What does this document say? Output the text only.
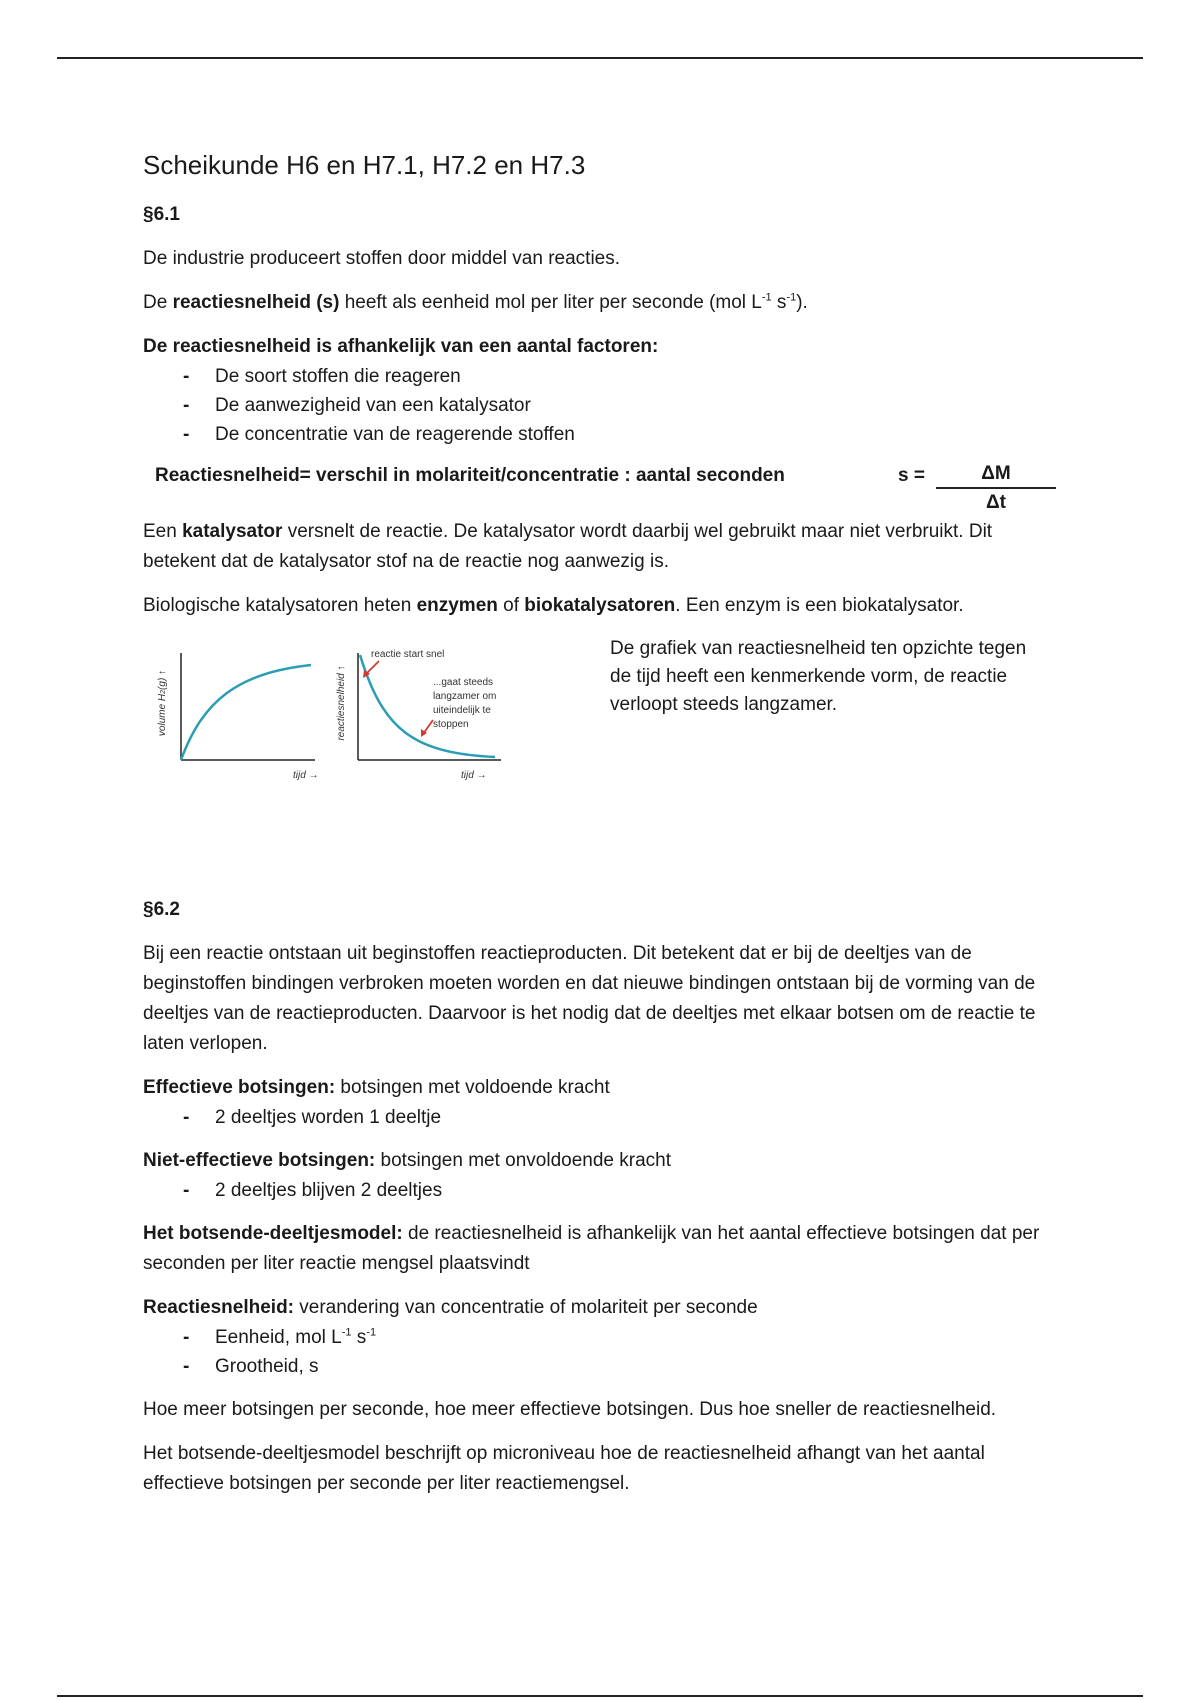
Scheikunde H6 en H7.1, H7.2 en H7.3
§6.1

De industrie produceert stoffen door middel van reacties.

De reactiesnelheid (s) heeft als eenheid mol per liter per seconde (mol $L^{-1}$ $s^{-1}$).

De reactiesnelheid is afhankelijk van een aantal factoren:

- De soort stoffen die reageren
- De aanwezigheid van een katalysator
- De concentratie van de reagerende stoffen
Reactiesnelheid= verschil in molariteit/concentratie : aantal seconden	$s = \frac{\Delta M}{\Delta t}$

Een katalysator versnelt de reactie. De katalysator wordt daarbij wel gebruikt maar niet verbruikt. Dit betekent dat de katalysator stof na de reactie nog aanwezig is.

Biologische katalysatoren heten enzymen of biokatalysatoren. Een enzym is een biokatalysator.

volume H2(g) ↑
tijd →
reactiesnelheid ↑
tijd →
reactie start snel
...gaat steeds
langzamer om
uiteindelijk te
stoppen
De grafiek van reactiesnelheid ten opzichte tegen de tijd heeft een kenmerkende vorm, de reactie verloopt steeds langzamer.
§6.2

Bij een reactie ontstaan uit beginstoffen reactieproducten. Dit betekent dat er bij de deeltjes van de beginstoffen bindingen verbroken moeten worden en dat nieuwe bindingen ontstaan bij de vorming van de deeltjes van de reactieproducten. Daarvoor is het nodig dat de deeltjes met elkaar botsen om de reactie te laten verlopen.

Effectieve botsingen: botsingen met voldoende kracht

- 2 deeltjes worden 1 deeltje

Niet-effectieve botsingen: botsingen met onvoldoende kracht

- 2 deeltjes blijven 2 deeltjes

Het botsende-deeltjesmodel: de reactiesnelheid is afhankelijk van het aantal effectieve botsingen dat per seconden per liter reactie mengsel plaatsvindt

Reactiesnelheid: verandering van concentratie of molariteit per seconde

- Eenheid, mol $L^{-1}$ $s^{-1}$
- Grootheid, s

Hoe meer botsingen per seconde, hoe meer effectieve botsingen. Dus hoe sneller de reactiesnelheid.

Het botsende-deeltjesmodel beschrijft op microniveau hoe de reactiesnelheid afhangt van het aantal effectieve botsingen per seconde per liter reactiemengsel.
